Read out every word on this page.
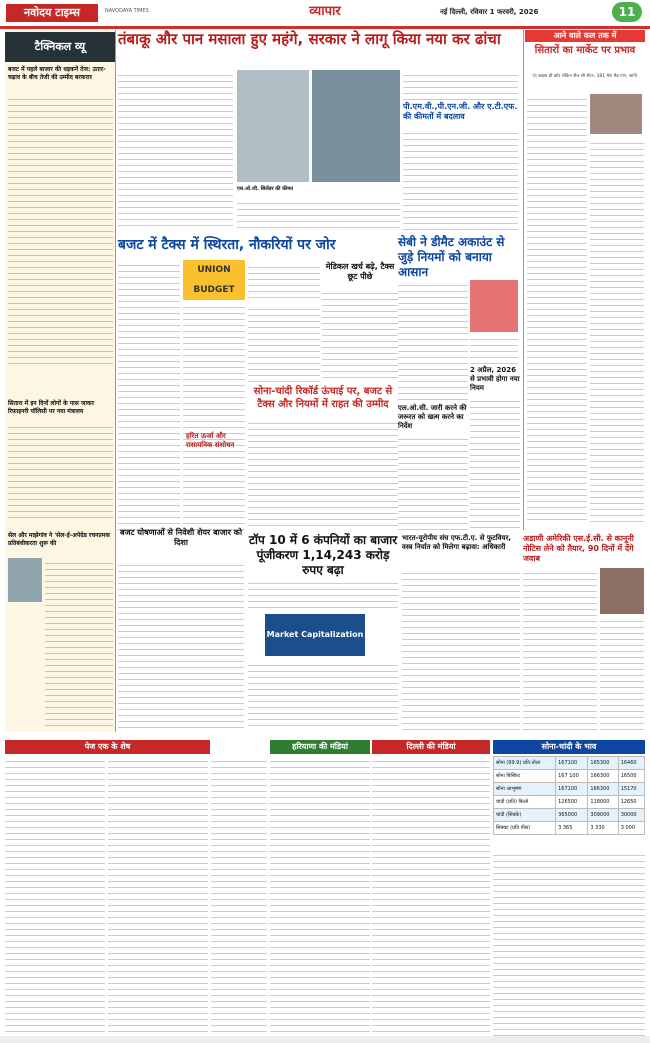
नवोदय टाइम्स	NAVODAYA TIMES	व्यापार	नई दिल्ली, रविवार 1 फरवरी, 2026	11
टैक्निकल व्यू
बजट में पहले बाजार की धड़कनें तेज: उतार-चढ़ाव के बीच तेजी की उम्मीद बरकरार
सितारा में इन दिनों लोगों के पास जाकर रिफ़ाइनरी पॉलिसी पर नया मंत्रालय
सेल और माझेगांव ने 'सेल-ई-अपेग्रेड रचनात्मक प्रतिबंधीकरता शुरू की
तंबाकू और पान मसाला हुए महंगे, सरकार ने लागू किया नया कर ढांचा
एस.ओ.जी. सिलेंडर की कीमत
पी.एम.वी.,पी.एन.जी. और ए.टी.एफ. की कीमतों में बदलाव
आने वाले कल तक में
सितारों का मार्केट पर प्रभाव
(ए.अक्षय डी कोर लेकिन सैल सी सेंटर, 381 मेरा मैड गण, जानें)
बजट में टैक्स में स्थिरता, नौकरियों पर जोर
UNION BUDGET
मेडिकल खर्च बढ़े, टैक्स छूट पीछे
सोना-चांदी रिकॉर्ड ऊंचाई पर, बजट से टैक्स और नियमों में राहत की उम्मीद
हरित ऊर्जा और रासायनिक संशोधन
सेबी ने डीमैट अकाउंट से जुड़े नियमों को बनाया आसान
2 अप्रैल, 2026 से प्रभावी होगा नया नियम
एल.ओ.सी. जारी करने की जरूरत को खत्म करने का निर्देश
बजट घोषणाओं से निवेशी शेयर बाजार को दिशा	टॉप 10 में 6 कंपनियों का बाजार पूंजीकरण 1,14,243 करोड़ रुपए बढ़ा
Market Capitalization
भारत-यूरोपीय संघ एफ.टी.ए. से फुटवियर, वस्त्र निर्यात को मिलेगा बढ़ावा: अधिकारी
अडाणी अमेरिकी एस.ई.सी. से कानूनी नोटिस लेने को तैयार, 90 दिनों में देंगे जवाब
पेज एक के शेष	हरियाणा की मंडियां	दिल्ली की मंडियां	सोना-चांदी के भाव
सोना (99.9) प्रति.तोला	167100	165300	16460
सोना बिस्किट	167 100	166300	16500
सोना आभूषण	167100	166300	15170
चांदी (प्रति) किलो	126500	118000	12650
चांदी (सिक्के)	365000	309000	30000
सिक्का (प्रति पीस)	3 365	3 330	3 000
